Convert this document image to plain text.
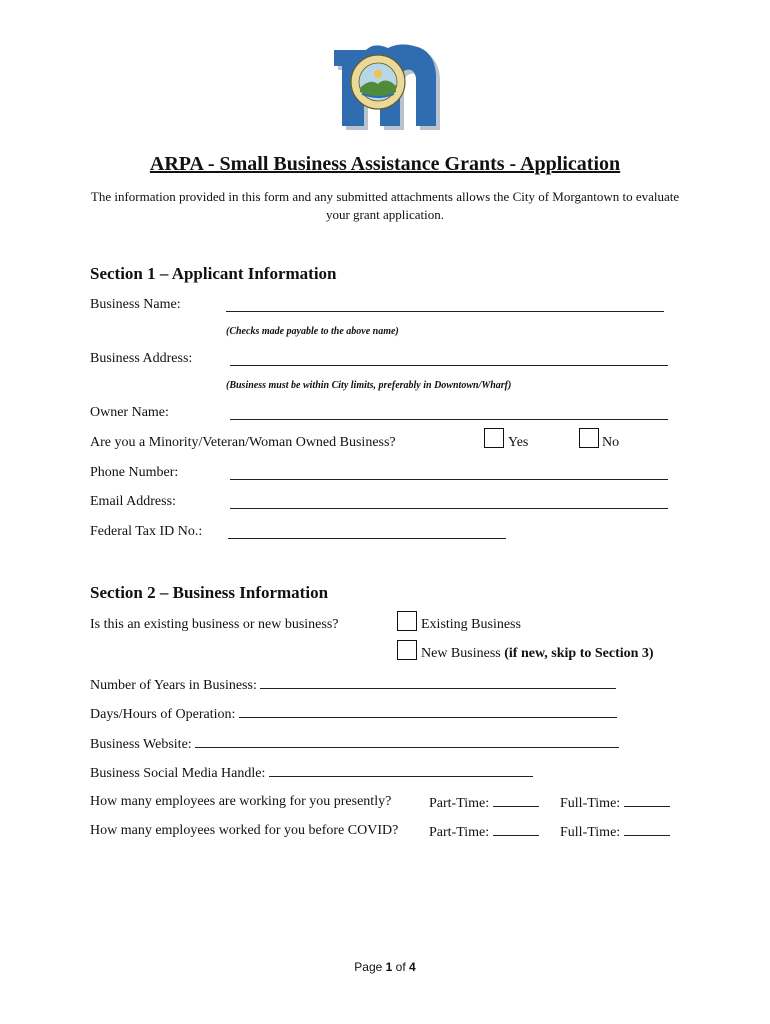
ARPA - Small Business Assistance Grants - Application
The information provided in this form and any submitted attachments allows the City of Morgantown to evaluate your grant application.
Section 1 – Applicant Information
Business Name:
(Checks made payable to the above name)
Business Address:
(Business must be within City limits, preferably in Downtown/Wharf)
Owner Name:
Are you a Minority/Veteran/Woman Owned Business?	Yes	No
Phone Number:
Email Address:
Federal Tax ID No.:
Section 2 – Business Information
Is this an existing business or new business?	Existing Business
New Business (if new, skip to Section 3)
Number of Years in Business:
Days/Hours of Operation:
Business Website:
Business Social Media Handle:
How many employees are working for you presently?	Part-Time:	Full-Time:
How many employees worked for you before COVID? Part-Time:	Full-Time:
Page 1 of 4
